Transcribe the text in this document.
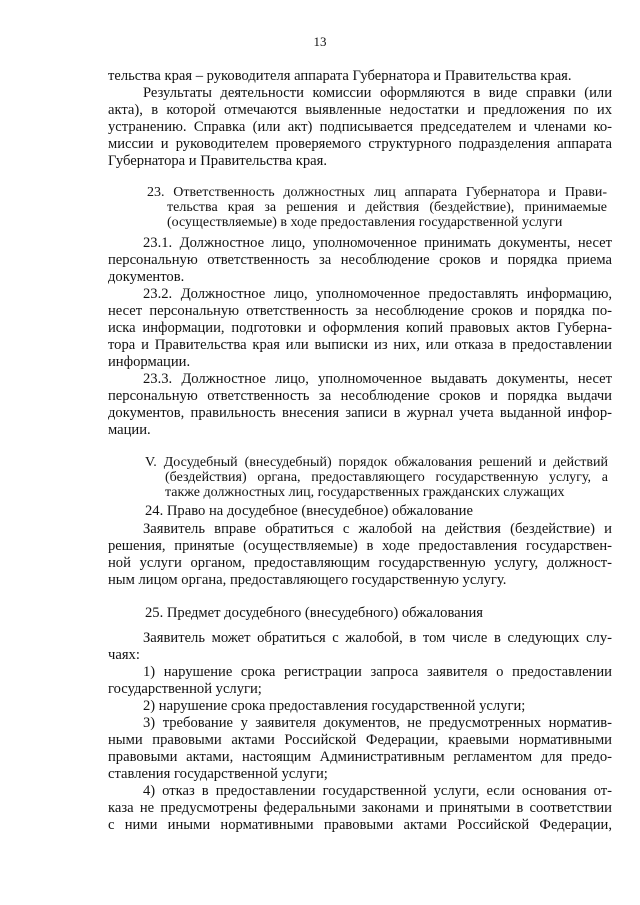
13
тельства края – руководителя аппарата Губернатора и Правительства края.
Результаты деятельности комиссии оформляются в виде справки (или
акта), в которой отмечаются выявленные недостатки и предложения по их
устранению. Справка (или акт) подписывается председателем и членами ко-
миссии и руководителем проверяемого структурного подразделения аппарата
Губернатора и Правительства края.
23. Ответственность должностных лиц аппарата Губернатора и Прави-
тельства края за решения и действия (бездействие), принимаемые
(осуществляемые) в ходе предоставления государственной услуги
23.1. Должностное лицо, уполномоченное принимать документы, несет
персональную ответственность за несоблюдение сроков и порядка приема
документов.
23.2. Должностное лицо, уполномоченное предоставлять информацию,
несет персональную ответственность за несоблюдение сроков и порядка по-
иска информации, подготовки и оформления копий правовых актов Губерна-
тора и Правительства края или выписки из них, или отказа в предоставлении
информации.
23.3. Должностное лицо, уполномоченное выдавать документы, несет
персональную ответственность за несоблюдение сроков и порядка выдачи
документов, правильность внесения записи в журнал учета выданной инфор-
мации.
V. Досудебный (внесудебный) порядок обжалования решений и действий
(бездействия) органа, предоставляющего государственную услугу, а
также должностных лиц, государственных гражданских служащих
24. Право на досудебное (внесудебное) обжалование
Заявитель вправе обратиться с жалобой на действия (бездействие) и
решения, принятые (осуществляемые) в ходе предоставления государствен-
ной услуги органом, предоставляющим государственную услугу, должност-
ным лицом органа, предоставляющего государственную услугу.
25. Предмет досудебного (внесудебного) обжалования
Заявитель может обратиться с жалобой, в том числе в следующих слу-
чаях:
1) нарушение срока регистрации запроса заявителя о предоставлении
государственной услуги;
2) нарушение срока предоставления государственной услуги;
3) требование у заявителя документов, не предусмотренных норматив-
ными правовыми актами Российской Федерации, краевыми нормативными
правовыми актами, настоящим Административным регламентом для предо-
ставления государственной услуги;
4) отказ в предоставлении государственной услуги, если основания от-
каза не предусмотрены федеральными законами и принятыми в соответствии
с ними иными нормативными правовыми актами Российской Федерации,
